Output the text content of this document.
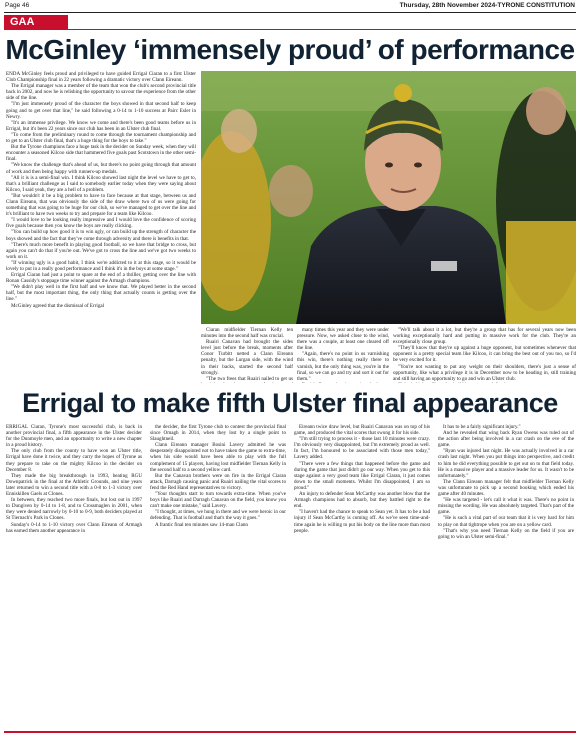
Page 46	Thursday, 28th November 2024-TYRONE CONSTITUTION
GAA
McGinley ‘immensely proud’ of performance

ENDA McGinley feels proud and privileged to have guided Errigal Ciaran to a first Ulster Club Championship final in 22 years following a dramatic victory over Clann Eireann.

The Errigal manager was a member of the team that won the club's second provincial title back in 2002, and now he is relishing the opportunity to savour the experience from the other side of the line.

"I'm just immensely proud of the character the boys showed in that second half to keep going and to get over that line," he said following a 0-14 to 1-10 success at Pairc Esler in Newry.

"It's an immense privilege. We know we come and there's been good teams before us in Errigal, but it's been 22 years since our club has been in an Ulster club final.

"To come from the preliminary round to come through the tournament championship and to get to an Ulster club final, that's a huge thing for the boys to take."

But the Tyrone champions face a huge task in the decider on Sunday week, when they will encounter a seasoned Kilcoo side that hammered five goals past Scotstown in the other semi-final.

"We know the challenge that's ahead of us, but there's no point going through that amount of work and then being happy with runners-up medals.

"All it is is a semi-final win. I think Kilcoo showed last night the level we have to get to, that's a brilliant challenge as I said to somebody earlier today when they were saying about Kilcoo, I said yeah, they are a hell of a problem.

"But wouldn't it be a big problem to have to face because at that stage, between us and Clann Eireann, that was obviously the side of the draw where two of us were going for something that was going to be huge for our club, so we've managed to get over the line and it's brilliant to have two weeks to try and prepare for a team like Kilcoo.

"I would love to be looking really impressive and I would love the confidence of scoring five goals because then you know the boys are really clicking.

"You can build up how good it is to win ugly, or can build up the strength of character the boys showed and the fact that they've come through adversity and there is benefits in that.

"There's much more benefit in playing good football, so we have that bridge to cross, but again you can't do that if you're out. We've got to cross the line and we've got two weeks to work on it.

"If winning ugly is a good habit, I think we're addicted to it at this stage, so it would be lovely to put in a really good performance and I think it's in the boys at some stage."

Errigal Ciaran had just a point to spare at the end of a thriller, getting over the line with Ronan Cassidy's stoppage time winner against the Armagh champions.

"We didn't play well in the first half and we know that. We played better in the second half, but the most important thing, the only thing that actually counts is getting over the line."

McGinley agreed that the dismissal of Errigal

Ciaran midfielder Tiernan Kelly ten minutes into the second half was crucial.

Ruairi Canavan had brought the sides level just before the break, moments after Conor Turbitt netted a Clann Eireann penalty, but the Lurgan side, with the wind in their backs, started the second half strongly.

"The two frees that Ruairi nailed to get us

many times this year and they were under pressure. Now, we asked close to the wind, there was a couple, at least one cleared off the line.

"Again, there's no point in us varnishing this win, there's nothing really there to varnish, but the only thing was, you're in the final, so we can go and try and sort it out for them."

"We'll talk about it a lot, but they're a group that has for several years now been working exceptionally hard and putting in massive work for the club. They're an exceptionally close group.

"They'll know that they're up against a huge opponent, but sometimes whenever that opponent is a pretty special team like Kilcoo, it can bring the best out of you too, so I'd be very excited for it.

"You're not wanting to put any weight on their shoulders, there's just a sense of opportunity, like what a privilege it is in December now to be heading in, still training and still having an opportunity to go and win an Ulster club.

Errigal to make fifth Ulster final appearance

ERRIGAL Ciaran, Tyrone's most successful club, is back in another provincial final, a fifth appearance in the Ulster decider for the Dunmoyle men, and an opportunity to write a new chapter in a proud history.

The only club from the county to have won an Ulster title, Errigal have done it twice, and they carry the hopes of Tyrone as they prepare to take on the mighty Kilcoo in the decider on December 8.

They made the big breakthrough in 1993, beating RGU Downpatrick in the final at the Athletic Grounds, and nine years later returned to win a second title with a 0-8 to 1-3 victory over Enniskillen Gaels at Clones.

In between, they reached two more finals, but lost out in 1997 to Dungiven by 0-14 to 1-8, and to Crossmaglen in 2001, when they were denied narrowly by 0-10 to 0-9, both deciders played at St Tiernach's Park in Clones.

Sunday's 0-14 to 1-10 victory over Clann Eireann of Armagh has earned them another appearance in

the decider, the first Tyrone club to contest the provincial final since Omagh in 2014, when they lost by a single point to Slaughtneil.

Clann Eireann manager Bosini Lavery admitted he was desperately disappointed not to have taken the game to extra-time, when his side would have been able to play with the full complement of 15 players, having lost midfielder Tiernan Kelly in the second half to a second yellow card.

But the Canavan brothers were on fire in the Errigal Ciaran attack, Darragh causing panic and Ruairi nailing the vital scores to fend the Red Hand representatives to victory.

"Your thoughts start to turn towards extra-time. When you've boys like Ruairi and Darragh Canavan on the field, you know you can't make one mistake," said Lavery.

"I thought, at times, we hung in there and we were heroic in our defending. That is football and that's the way it goes."

A frantic final ten minutes saw 14-man Clann

Eireann twice draw level, but Ruairi Canavan was on top of his game, and produced the vital scores that swung it for his side.

"I'm still trying to process it - those last 10 minutes were crazy. I'm obviously very disappointed, but I'm extremely proud as well. In fact, I'm honoured to be associated with those men today," Lavery added.

"There were a few things that happened before the game and during the game that just didn't go our way. When you get to this stage against a very good team like Errigal Ciaran, it just comes down to the small moments. Whilst I'm disappointed, I am so proud."

An injury to defender Sean McCarthy was another blow that the Armagh champions had to absorb, but they battled right to the end.

"I haven't had the chance to speak to Sean yet. It has to be a bad injury if Sean McCarthy is coming off. As we've seen time-and-time again he is willing to put his body on the line more than most people.

It has to be a fairly significant injury."

And he revealed that wing back Ryan Owens was ruled out of the action after being involved in a car crash on the eve of the game.

"Ryan was injured last night. He was actually involved in a car crash last night. When you put things into perspective, and credit to him he did everything possible to get out on to that field today. He is a massive player and a massive leader for us. It wasn't to be unfortunately."

The Clann Eireann manager felt that midfielder Tiernan Kelly was unfortunate to pick up a second booking which ended his game after 40 minutes.

"He was targeted - let's call it what it was. There's no point in missing the wording. He was absolutely targeted. That's part of the game.

"He is such a vital part of our team that it is very hard for him to play on that tightrope when you are on a yellow card.

"That's why you need Tiernan Kelly on the field if you are going to win an Ulster semi-final."
